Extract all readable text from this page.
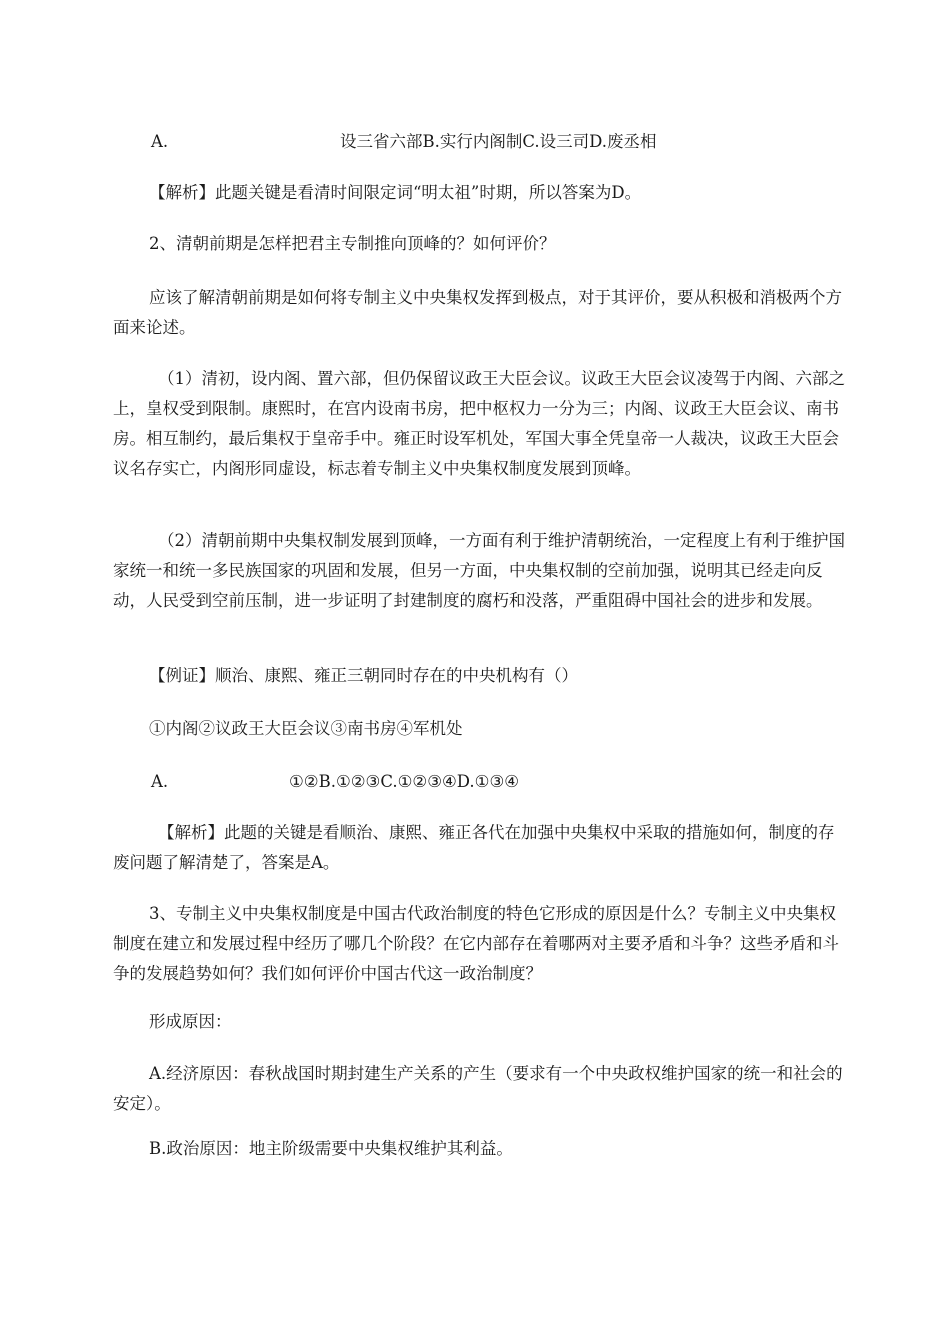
A.	设三省六部B.实行内阁制C.设三司D.废丞相

【解析】此题关键是看清时间限定词“明太祖”时期，所以答案为D。

2、清朝前期是怎样把君主专制推向顶峰的？如何评价？

应该了解清朝前期是如何将专制主义中央集权发挥到极点，对于其评价，要从积极和消极两个方面来论述。

（1）清初，设内阁、置六部，但仍保留议政王大臣会议。议政王大臣会议凌驾于内阁、六部之上，皇权受到限制。康熙时，在宫内设南书房，把中枢权力一分为三；内阁、议政王大臣会议、南书房。相互制约，最后集权于皇帝手中。雍正时设军机处，军国大事全凭皇帝一人裁决，议政王大臣会议名存实亡，内阁形同虚设，标志着专制主义中央集权制度发展到顶峰。

（2）清朝前期中央集权制发展到顶峰，一方面有利于维护清朝统治，一定程度上有利于维护国家统一和统一多民族国家的巩固和发展，但另一方面，中央集权制的空前加强，说明其已经走向反动，人民受到空前压制，进一步证明了封建制度的腐朽和没落，严重阻碍中国社会的进步和发展。

【例证】顺治、康熙、雍正三朝同时存在的中央机构有（）

①内阁②议政王大臣会议③南书房④军机处

A.	①②B.①②③C.①②③④D.①③④

【解析】此题的关键是看顺治、康熙、雍正各代在加强中央集权中采取的措施如何，制度的存废问题了解清楚了，答案是A。

3、专制主义中央集权制度是中国古代政治制度的特色它形成的原因是什么？专制主义中央集权制度在建立和发展过程中经历了哪几个阶段？在它内部存在着哪两对主要矛盾和斗争？这些矛盾和斗争的发展趋势如何？我们如何评价中国古代这一政治制度？

形成原因：

A.经济原因：春秋战国时期封建生产关系的产生（要求有一个中央政权维护国家的统一和社会的安定）。

B.政治原因：地主阶级需要中央集权维护其利益。
